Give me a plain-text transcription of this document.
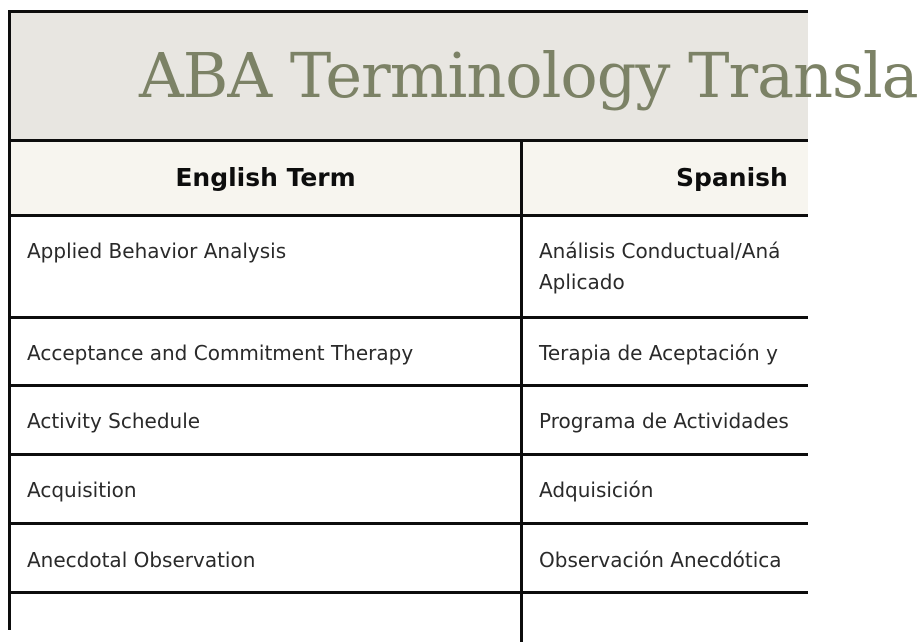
ABA Terminology Transla
English Term	Spanish
Applied Behavior Analysis	Análisis Conductual/Aná
Aplicado
Acceptance and Commitment Therapy	Terapia de Aceptación y
Activity Schedule	Programa de Actividades
Acquisition	Adquisición
Anecdotal Observation	Observación Anecdótica
